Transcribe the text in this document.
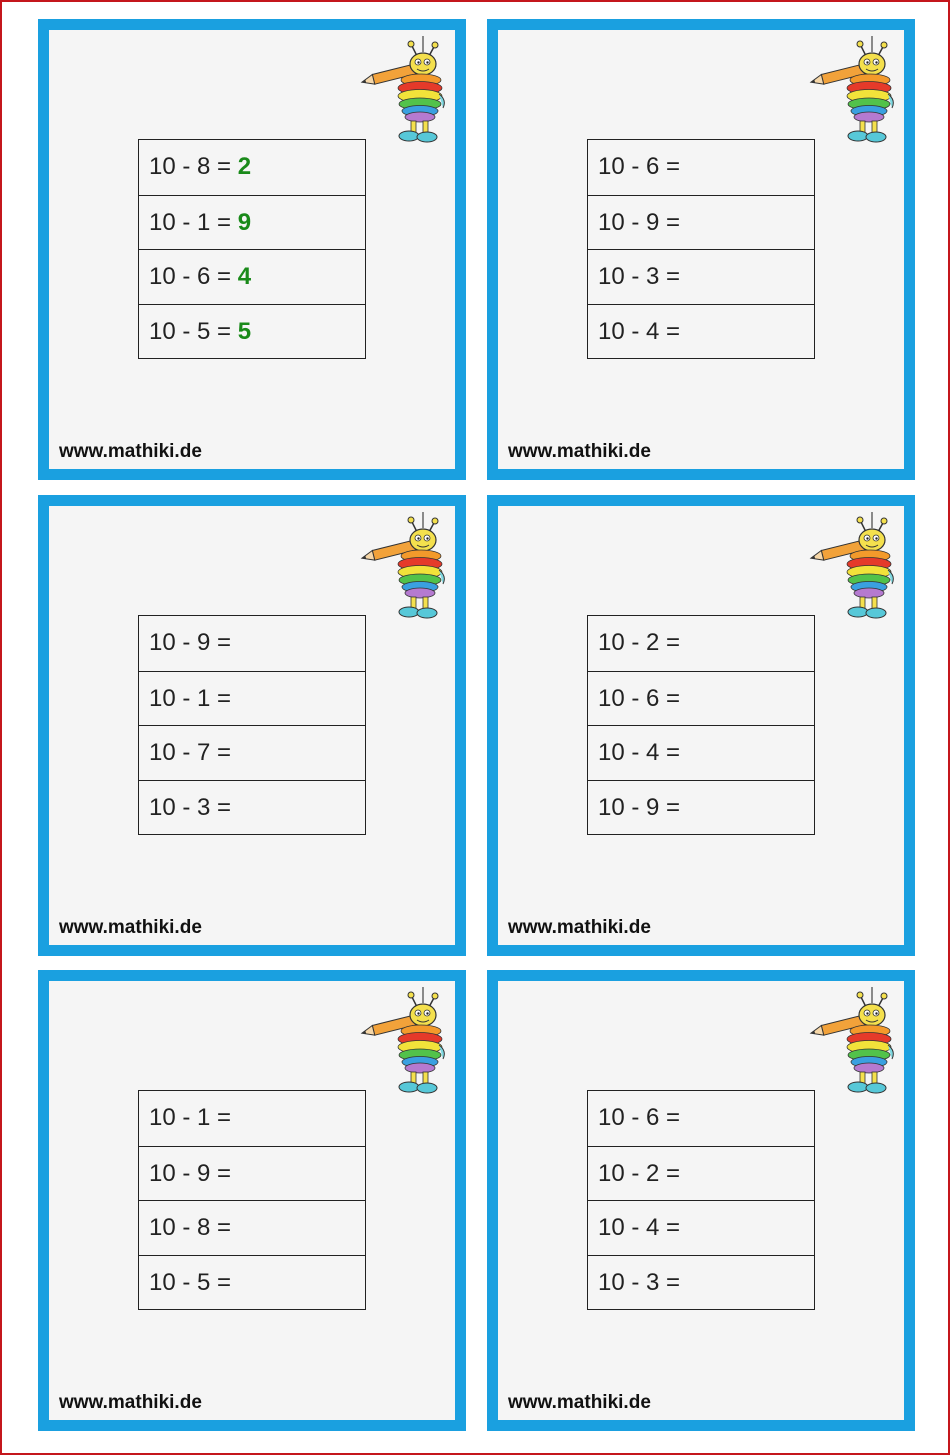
10 - 8 = 2
10 - 1 = 9
10 - 6 = 4
10 - 5 = 5
www.mathiki.de
10 - 6 =
10 - 9 =
10 - 3 =
10 - 4 =
www.mathiki.de
10 - 9 =
10 - 1 =
10 - 7 =
10 - 3 =
www.mathiki.de
10 - 2 =
10 - 6 =
10 - 4 =
10 - 9 =
www.mathiki.de
10 - 1 =
10 - 9 =
10 - 8 =
10 - 5 =
www.mathiki.de
10 - 6 =
10 - 2 =
10 - 4 =
10 - 3 =
www.mathiki.de
